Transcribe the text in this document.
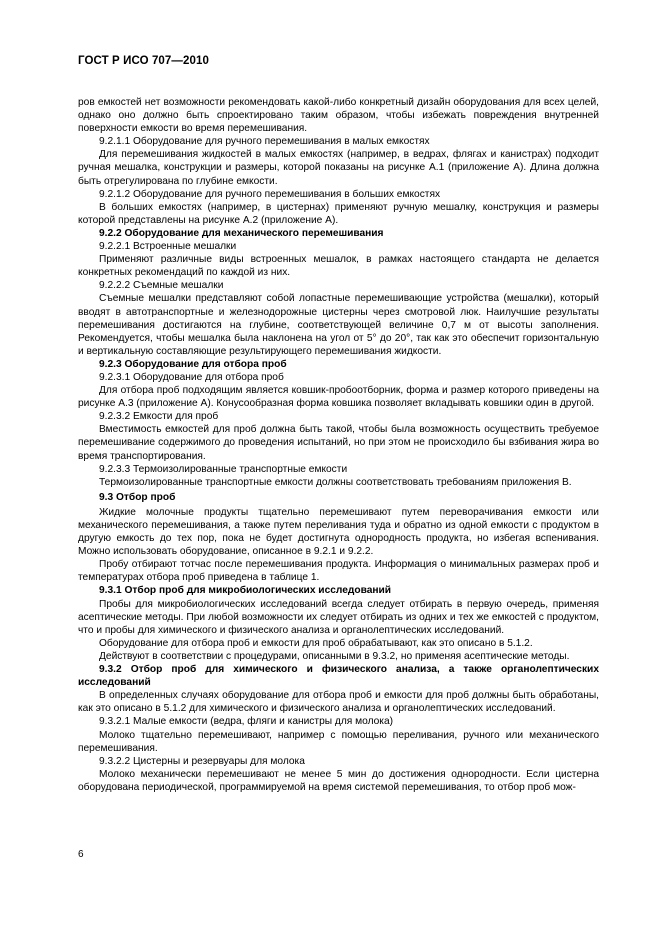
ГОСТ Р ИСО 707—2010

ров емкостей нет возможности рекомендовать какой-либо конкретный дизайн оборудования для всех целей, однако оно должно быть спроектировано таким образом, чтобы избежать повреждения внутренней поверхности емкости во время перемешивания.

9.2.1.1 Оборудование для ручного перемешивания в малых емкостях

Для перемешивания жидкостей в малых емкостях (например, в ведрах, флягах и канистрах) подходит ручная мешалка, конструкции и размеры, которой показаны на рисунке А.1 (приложение А). Длина должна быть отрегулирована по глубине емкости.

9.2.1.2 Оборудование для ручного перемешивания в больших емкостях

В больших емкостях (например, в цистернах) применяют ручную мешалку, конструкция и размеры которой представлены на рисунке А.2 (приложение А).

9.2.2 Оборудование для механического перемешивания

9.2.2.1 Встроенные мешалки

Применяют различные виды встроенных мешалок, в рамках настоящего стандарта не делается конкретных рекомендаций по каждой из них.

9.2.2.2 Съемные мешалки

Съемные мешалки представляют собой лопастные перемешивающие устройства (мешалки), который вводят в автотранспортные и железнодорожные цистерны через смотровой люк. Наилучшие результаты перемешивания достигаются на глубине, соответствующей величине 0,7 м от высоты заполнения. Рекомендуется, чтобы мешалка была наклонена на угол от 5° до 20°, так как это обеспечит горизонтальную и вертикальную составляющие результирующего перемешивания жидкости.

9.2.3 Оборудование для отбора проб

9.2.3.1 Оборудование для отбора проб

Для отбора проб подходящим является ковшик-пробоотборник, форма и размер которого приведены на рисунке А.3 (приложение А). Конусообразная форма ковшика позволяет вкладывать ковшики один в другой.

9.2.3.2 Емкости для проб

Вместимость емкостей для проб должна быть такой, чтобы была возможность осуществить требуемое перемешивание содержимого до проведения испытаний, но при этом не происходило бы взбивания жира во время транспортирования.

9.2.3.3 Термоизолированные транспортные емкости

Термоизолированные транспортные емкости должны соответствовать требованиям приложения В.

9.3 Отбор проб

Жидкие молочные продукты тщательно перемешивают путем переворачивания емкости или механического перемешивания, а также путем переливания туда и обратно из одной емкости с продуктом в другую емкость до тех пор, пока не будет достигнута однородность продукта, но избегая вспенивания. Можно использовать оборудование, описанное в 9.2.1 и 9.2.2.

Пробу отбирают тотчас после перемешивания продукта. Информация о минимальных размерах проб и температурах отбора проб приведена в таблице 1.

9.3.1 Отбор проб для микробиологических исследований

Пробы для микробиологических исследований всегда следует отбирать в первую очередь, применяя асептические методы. При любой возможности их следует отбирать из одних и тех же емкостей с продуктом, что и пробы для химического и физического анализа и органолептических исследований.

Оборудование для отбора проб и емкости для проб обрабатывают, как это описано в 5.1.2.

Действуют в соответствии с процедурами, описанными в 9.3.2, но применяя асептические методы.

9.3.2 Отбор проб для химического и физического анализа, а также органолептических исследований

В определенных случаях оборудование для отбора проб и емкости для проб должны быть обработаны, как это описано в 5.1.2 для химического и физического анализа и органолептических исследований.

9.3.2.1 Малые емкости (ведра, фляги и канистры для молока)

Молоко тщательно перемешивают, например с помощью переливания, ручного или механического перемешивания.

9.3.2.2 Цистерны и резервуары для молока

Молоко механически перемешивают не менее 5 мин до достижения однородности. Если цистерна оборудована периодической, программируемой на время системой перемешивания, то отбор проб мож-

6
